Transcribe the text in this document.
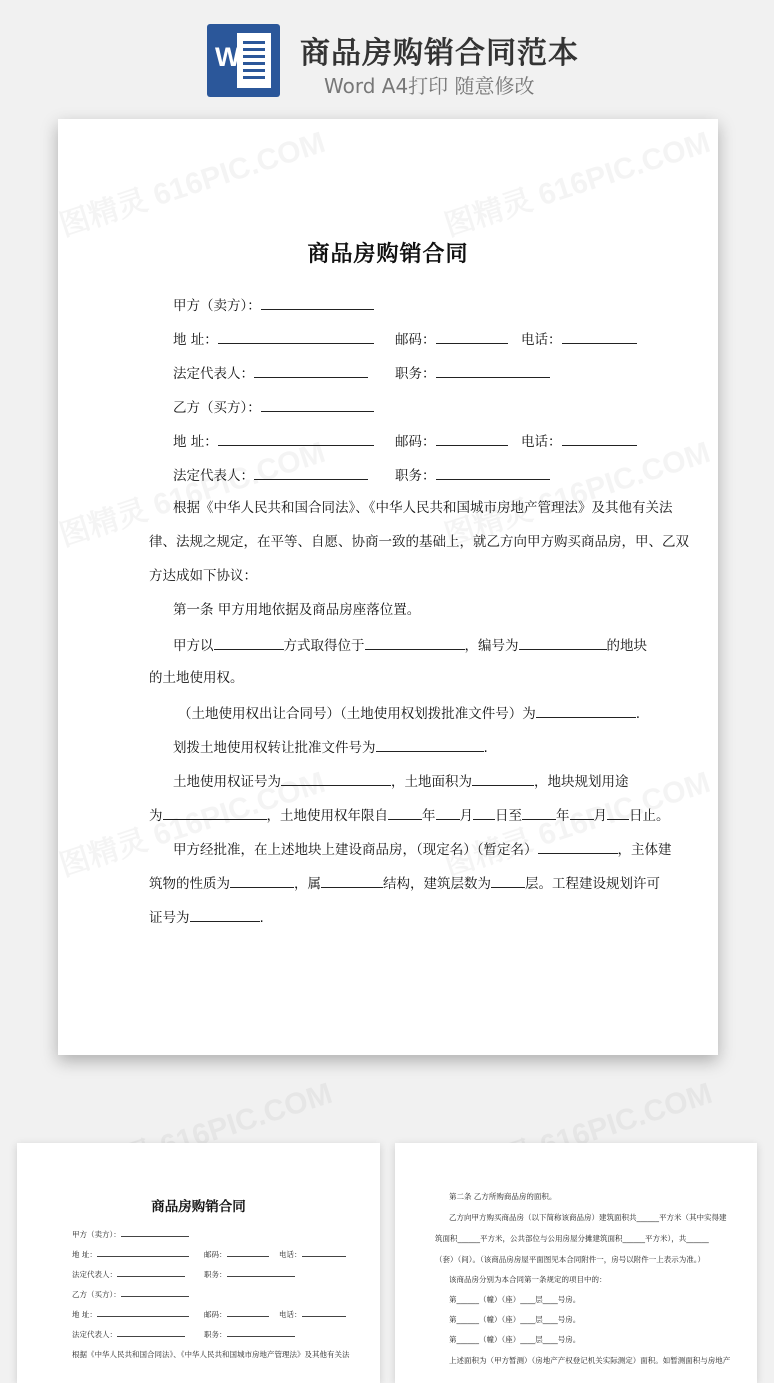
W 商品房购销合同范本
Word A4打印 随意修改
商品房购销合同
甲方（卖方）：
地 址：	邮码：	电话：
法定代表人：	职务：
乙方（买方）：
地 址：	邮码：	电话：
法定代表人：	职务：
根据《中华人民共和国合同法》、《中华人民共和国城市房地产管理法》及其他有关法
律、法规之规定，在平等、自愿、协商一致的基础上，就乙方向甲方购买商品房，甲、乙双
方达成如下协议：
第一条 甲方用地依据及商品房座落位置。
甲方以	方式取得位于	，编号为	的地块
的土地使用权。
（土地使用权出让合同号）（土地使用权划拨批准文件号）为	.
划拨土地使用权转让批准文件号为	.
土地使用权证号为	，土地面积为	，地块规划用途
为	，土地使用权年限自	年 月 日至	年 月 日止。
甲方经批准，在上述地块上建设商品房，（现定名）（暂定名）	，主体建
筑物的性质为	，属	结构，建筑层数为	层。工程建设规划许可
证号为	.
商品房购销合同
甲方（卖方）：
地 址：	邮码：	电话：
法定代表人：	职务：
乙方（买方）：
地 址：	邮码：	电话：
法定代表人：	职务：
根据《中华人民共和国合同法》、《中华人民共和国城市房地产管理法》及其他有关法
第二条 乙方所购商品房的面积。
乙方向甲方购买商品房（以下简称该商品房）建筑面积共______平方米（其中实得建
筑面积______平方米，公共部位与公用房屋分摊建筑面积______平方米），共______
（套）（间）。（该商品房房屋平面图见本合同附件一，房号以附件一上表示为准。）
该商品房分别为本合同第一条规定的项目中的：
第______（幢）（座）____层____号房。
第______（幢）（座）____层____号房。
第______（幢）（座）____层____号房。
上述面积为（甲方暂测）（房地产产权登记机关实际测定）面积。如暂测面积与房地产
